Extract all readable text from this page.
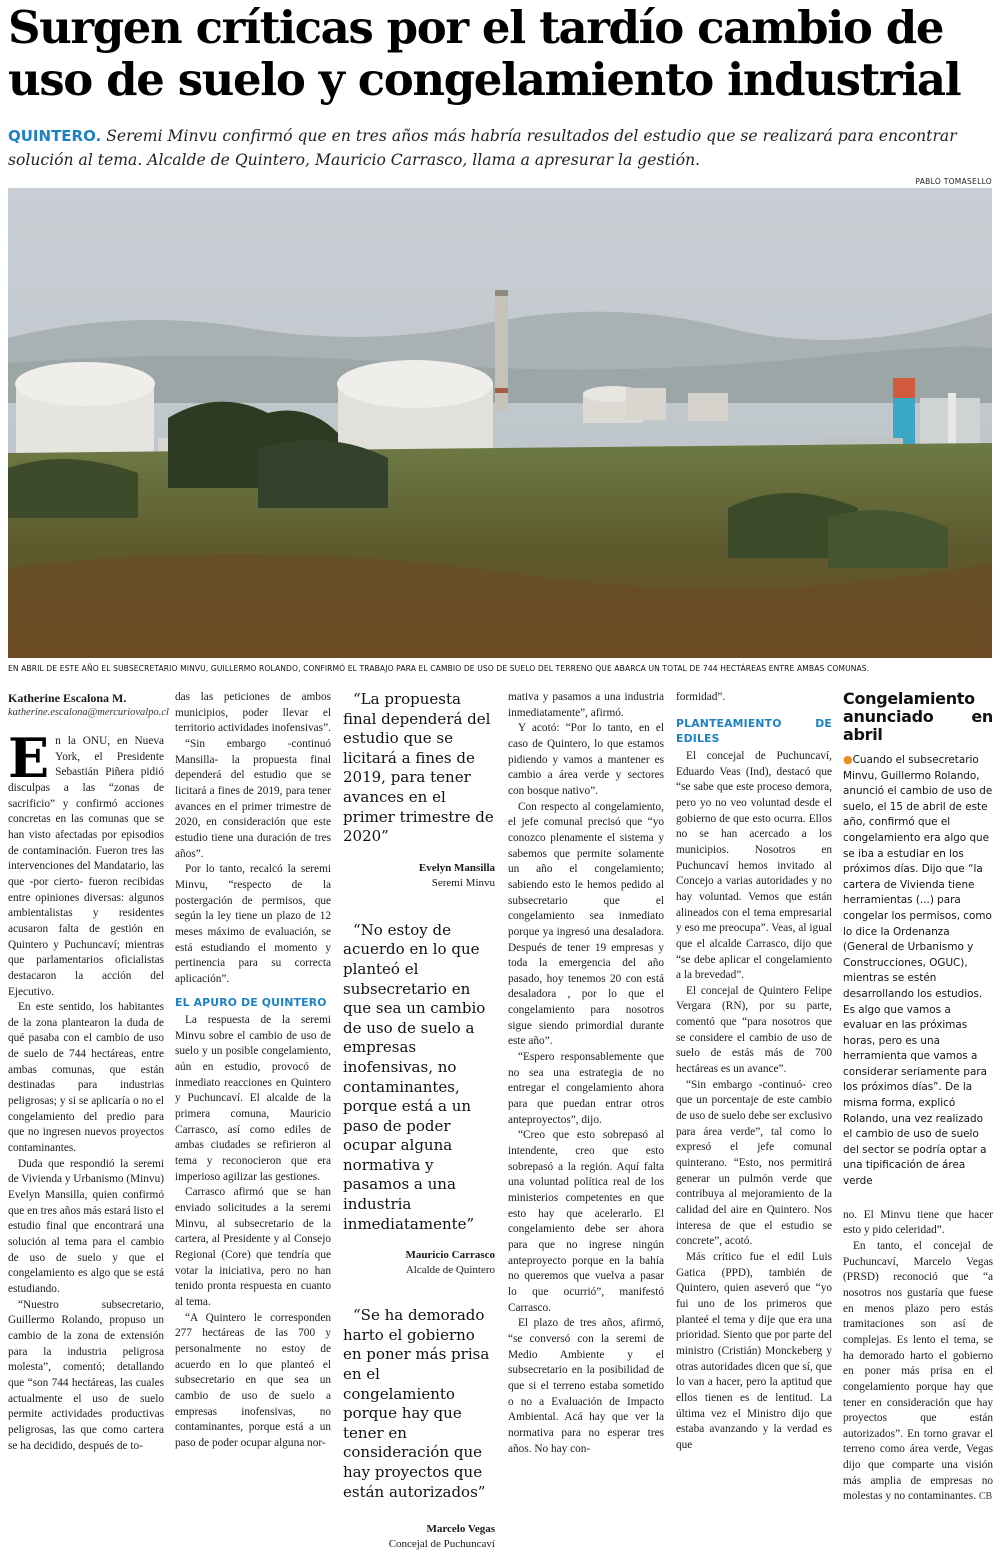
Surgen críticas por el tardío cambio de uso de suelo y congelamiento industrial
QUINTERO. Seremi Minvu confirmó que en tres años más habría resultados del estudio que se realizará para encontrar solución al tema. Alcalde de Quintero, Mauricio Carrasco, llama a apresurar la gestión.
PABLO TOMASELLO
EN ABRIL DE ESTE AÑO EL SUBSECRETARIO MINVU, GUILLERMO ROLANDO, CONFIRMÓ EL TRABAJO PARA EL CAMBIO DE USO DE SUELO DEL TERRENO QUE ABARCA UN TOTAL DE 744 HECTÁREAS ENTRE AMBAS COMUNAS.
Katherine Escalona M.
katherine.escalona@mercuriovalpo.cl

En la ONU, en Nueva York, el Presidente Sebastián Piñera pidió disculpas a las “zonas de sacrificio” y confirmó acciones concretas en las comunas que se han visto afectadas por episodios de contaminación. Fueron tres las intervenciones del Mandatario, las que -por cierto- fueron recibidas entre opiniones diversas: algunos ambientalistas y residentes acusaron falta de gestión en Quintero y Puchuncaví; mientras que parlamentarios oficialistas destacaron la acción del Ejecutivo.

En este sentido, los habitantes de la zona plantearon la duda de qué pasaba con el cambio de uso de suelo de 744 hectáreas, entre ambas comunas, que están destinadas para industrias peligrosas; y si se aplicaría o no el congelamiento del predio para que no ingresen nuevos proyectos contaminantes.

Duda que respondió la seremi de Vivienda y Urbanismo (Minvu) Evelyn Mansilla, quien confirmó que en tres años más estará listo el estudio final que encontrará una solución al tema para el cambio de uso de suelo y que el congelamiento es algo que se está estudiando.

“Nuestro subsecretario, Guillermo Rolando, propuso un cambio de la zona de extensión para la industria peligrosa molesta”, comentó; detallando que “son 744 hectáreas, las cuales actualmente el uso de suelo permite actividades productivas peligrosas, las que como cartera se ha decidido, después de to-

das las peticiones de ambos municipios, poder llevar el territorio actividades inofensivas”.

“Sin embargo -continuó Mansilla- la propuesta final dependerá del estudio que se licitará a fines de 2019, para tener avances en el primer trimestre de 2020, en consideración que este estudio tiene una duración de tres años”.

Por lo tanto, recalcó la seremi Minvu, “respecto de la postergación de permisos, que según la ley tiene un plazo de 12 meses máximo de evaluación, se está estudiando el momento y pertinencia para su correcta aplicación”.

EL APURO DE QUINTERO

La respuesta de la seremi Minvu sobre el cambio de uso de suelo y un posible congelamiento, aún en estudio, provocó de inmediato reacciones en Quintero y Puchuncaví. El alcalde de la primera comuna, Mauricio Carrasco, así como ediles de ambas ciudades se refirieron al tema y reconocieron que era imperioso agilizar las gestiones.

Carrasco afirmó que se han enviado solicitudes a la seremi Minvu, al subsecretario de la cartera, al Presidente y al Consejo Regional (Core) que tendría que votar la iniciativa, pero no han tenido pronta respuesta en cuanto al tema.

“A Quintero le corresponden 277 hectáreas de las 700 y personalmente no estoy de acuerdo en lo que planteó el subsecretario en que sea un cambio de uso de suelo a empresas inofensivas, no contaminantes, porque está a un paso de poder ocupar alguna nor-

“La propuesta final dependerá del estudio que se licitará a fines de 2019, para tener avances en el primer trimestre de 2020”

Evelyn Mansilla
Seremi Minvu

“No estoy de acuerdo en lo que planteó el subsecretario en que sea un cambio de uso de suelo a empresas inofensivas, no contaminantes, porque está a un paso de poder ocupar alguna normativa y pasamos a una industria inmediatamente”

Mauricio Carrasco
Alcalde de Quintero

“Se ha demorado harto el gobierno en poner más prisa en el congelamiento porque hay que tener en consideración que hay proyectos que están autorizados”

Marcelo Vegas
Concejal de Puchuncaví

mativa y pasamos a una industria inmediatamente”, afirmó.

Y acotó: “Por lo tanto, en el caso de Quintero, lo que estamos pidiendo y vamos a mantener es cambio a área verde y sectores con bosque nativo”.

Con respecto al congelamiento, el jefe comunal precisó que “yo conozco plenamente el sistema y sabemos que permite solamente un año el congelamiento; sabiendo esto le hemos pedido al subsecretario que el congelamiento sea inmediato porque ya ingresó una desaladora. Después de tener 19 empresas y toda la emergencia del año pasado, hoy tenemos 20 con está desaladora , por lo que el congelamiento para nosotros sigue siendo primordial durante este año”.

“Espero responsablemente que no sea una estrategia de no entregar el congelamiento ahora para que puedan entrar otros anteproyectos”, dijo.

“Creo que esto sobrepasó al intendente, creo que esto sobrepasó a la región. Aquí falta una voluntad política real de los ministerios competentes en que esto hay que acelerarlo. El congelamiento debe ser ahora para que no ingrese ningún anteproyecto porque en la bahía no queremos que vuelva a pasar lo que ocurrió”, manifestó Carrasco.

El plazo de tres años, afirmó, “se conversó con la seremi de Medio Ambiente y el subsecretario en la posibilidad de que si el terreno estaba sometido o no a Evaluación de Impacto Ambiental. Acá hay que ver la normativa para no esperar tres años. No hay con-

formidad”.

PLANTEAMIENTO DE EDILES

El concejal de Puchuncaví, Eduardo Veas (Ind), destacó que “se sabe que este proceso demora, pero yo no veo voluntad desde el gobierno de que esto ocurra. Ellos no se han acercado a los municipios. Nosotros en Puchuncaví hemos invitado al Concejo a varias autoridades y no hay voluntad. Vemos que están alineados con el tema empresarial y eso me preocupa”. Veas, al igual que el alcalde Carrasco, dijo que “se debe aplicar el congelamiento a la brevedad”.

El concejal de Quintero Felipe Vergara (RN), por su parte, comentó que “para nosotros que se considere el cambio de uso de suelo de estás más de 700 hectáreas es un avance”.

“Sin embargo -continuó- creo que un porcentaje de este cambio de uso de suelo debe ser exclusivo para área verde”, tal como lo expresó el jefe comunal quinterano. “Esto, nos permitirá generar un pulmón verde que contribuya al mejoramiento de la calidad del aire en Quintero. Nos interesa de que el estudio se concrete”, acotó.

Más crítico fue el edil Luis Gatica (PPD), también de Quintero, quien aseveró que “yo fui uno de los primeros que planteé el tema y dije que era una prioridad. Siento que por parte del ministro (Cristián) Monckeberg y otras autoridades dicen que sí, que lo van a hacer, pero la aptitud que ellos tienen es de lentitud. La última vez el Ministro dijo que estaba avanzando y la verdad es que

Congelamiento anunciado en abril
●Cuando el subsecretario Minvu, Guillermo Rolando, anunció el cambio de uso de suelo, el 15 de abril de este año, confirmó que el congelamiento era algo que se iba a estudiar en los próximos días. Dijo que “la cartera de Vivienda tiene herramientas (...) para congelar los permisos, como lo dice la Ordenanza (General de Urbanismo y Construcciones, OGUC), mientras se estén desarrollando los estudios. Es algo que vamos a evaluar en las próximas horas, pero es una herramienta que vamos a considerar seriamente para los próximos días”. De la misma forma, explicó Rolando, una vez realizado el cambio de uso de suelo del sector se podría optar a una tipificación de área verde

no. El Minvu tiene que hacer esto y pido celeridad”.

En tanto, el concejal de Puchuncaví, Marcelo Vegas (PRSD) reconoció que “a nosotros nos gustaría que fuese en menos plazo pero estás tramitaciones son así de complejas. Es lento el tema, se ha demorado harto el gobierno en poner más prisa en el congelamiento porque hay que tener en consideración que hay proyectos que están autorizados”. En torno gravar el terreno como área verde, Vegas dijo que comparte una visión más amplia de empresas no molestas y no contaminantes. CB
